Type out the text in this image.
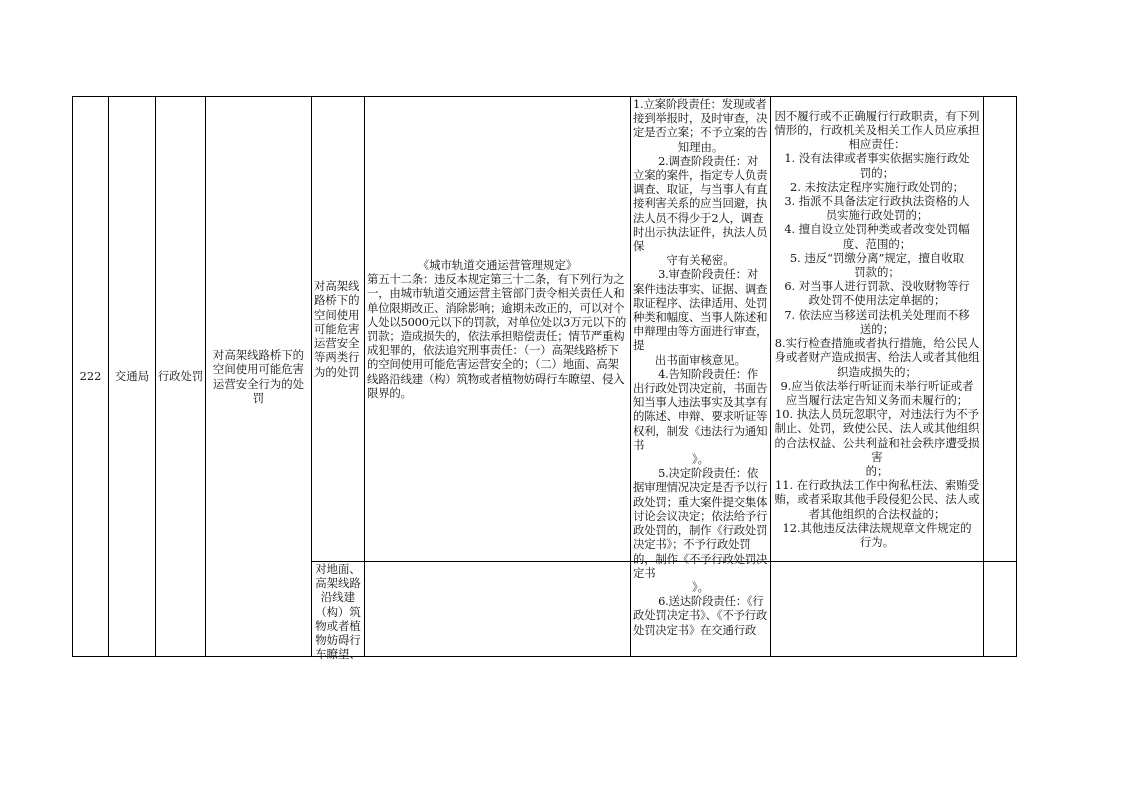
222 交通局 行政处罚
对高架线路桥下的空间使用可能危害运营安全行为的处罚
对高架线路桥下的空间使用可能危害运营安全等两类行为的处罚
《城市轨道交通运营管理规定》
第五十二条：违反本规定第三十二条，有下列行为之一，由城市轨道交通运营主管部门责令相关责任人和单位限期改正、消除影响；逾期未改正的，可以对个人处以5000元以下的罚款，对单位处以3万元以下的罚款；造成损失的，依法承担赔偿责任；情节严重构成犯罪的，依法追究刑事责任：（一）高架线路桥下的空间使用可能危害运营安全的；（二）地面、高架线路沿线建（构）筑物或者植物妨碍行车瞭望、侵入限界的。
1.立案阶段责任：发现或者接到举报时，及时审查，决定是否立案；不予立案的告
知理由。
2.调查阶段责任：对立案的案件，指定专人负责调查、取证，与当事人有直接利害关系的应当回避，执法人员不得少于2人，调查时出示执法证件，执法人员保
守有关秘密。
3.审查阶段责任：对案件违法事实、证据、调查取证程序、法律适用、处罚种类和幅度、当事人陈述和申辩理由等方面进行审查，提
出书面审核意见。
4.告知阶段责任：作出行政处罚决定前，书面告知当事人违法事实及其享有的陈述、申辩、要求听证等权利，制发《违法行为通知书
》。
5.决定阶段责任：依据审理情况决定是否予以行政处罚；重大案件提交集体讨论会议决定；依法给予行政处罚的，制作《行政处罚决定书》；不予行政处罚的，制作《不予行政处罚决定书
》。
6.送达阶段责任：《行政处罚决定书》、《不予行政处罚决定书》在交通行政
因不履行或不正确履行行政职责，有下列情形的，行政机关及相关工作人员应承担相应责任：
1. 没有法律或者事实依据实施行政处
罚的；
2. 未按法定程序实施行政处罚的；
3. 指派不具备法定行政执法资格的人
员实施行政处罚的；
4. 擅自设立处罚种类或者改变处罚幅
度、范围的；
5. 违反“罚缴分离”规定，擅自收取
罚款的；
6. 对当事人进行罚款、没收财物等行
政处罚不使用法定单据的；
7. 依法应当移送司法机关处理而不移
送的；
8.实行检查措施或者执行措施，给公民人身或者财产造成损害、给法人或者其他组
织造成损失的；
9.应当依法举行听证而未举行听证或者
应当履行法定告知义务而未履行的；
10. 执法人员玩忽职守，对违法行为不予制止、处罚，致使公民、法人或其他组织的合法权益、公共利益和社会秩序遭受损害
的；
11. 在行政执法工作中徇私枉法、索贿受贿，或者采取其他手段侵犯公民、法人或
者其他组织的合法权益的；
12.其他违反法律法规规章文件规定的
行为。
对地面、高架线路沿线建（构）筑物或者植物妨碍行车瞭望、
